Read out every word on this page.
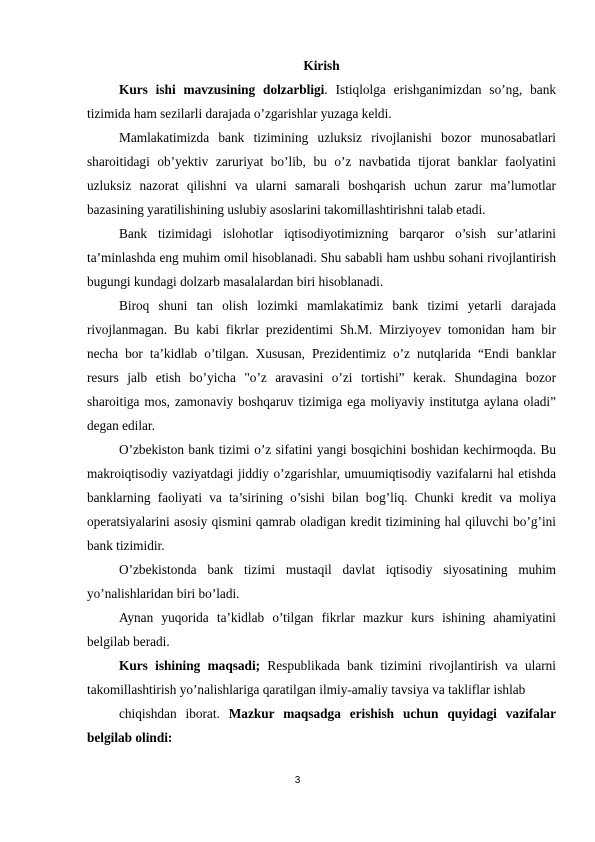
Kirish

Kurs ishi mavzusining dolzarbligi. Istiqlolga erishganimizdan so’ng, bank tizimida ham sezilarli darajada o’zgarishlar yuzaga keldi.

Mamlakatimizda bank tizimining uzluksiz rivojlanishi bozor munosabatlari sharoitidagi ob’yektiv zaruriyat bo’lib, bu o’z navbatida tijorat banklar faolyatini uzluksiz nazorat qilishni va ularni samarali boshqarish uchun zarur ma’lumotlar bazasining yaratilishining uslubiy asoslarini takomillashtirishni talab etadi.

Bank tizimidagi islohotlar iqtisodiyotimizning barqaror o’sish sur’atlarini ta’minlashda eng muhim omil hisoblanadi. Shu sababli ham ushbu sohani rivojlantirish bugungi kundagi dolzarb masalalardan biri hisoblanadi.

Biroq shuni tan olish lozimki mamlakatimiz bank tizimi yetarli darajada rivojlanmagan. Bu kabi fikrlar prezidentimi Sh.M. Mirziyoyev tomonidan ham bir necha bor ta’kidlab o’tilgan. Xususan, Prezidentimiz o’z nutqlarida “Endi banklar resurs jalb etish bo’yicha "o’z aravasini o’zi tortishi” kerak. Shundagina bozor sharoitiga mos, zamonaviy boshqaruv tizimiga ega moliyaviy institutga aylana oladi” degan edilar.

O’zbekiston bank tizimi o’z sifatini yangi bosqichini boshidan kechirmoqda. Bu makroiqtisodiy vaziyatdagi jiddiy o’zgarishlar, umuumiqtisodiy vazifalarni hal etishda banklarning faoliyati va ta’sirining o’sishi bilan bog’liq. Chunki kredit va moliya operatsiyalarini asosiy qismini qamrab oladigan kredit tizimining hal qiluvchi bo’g’ini bank tizimidir.

O’zbekistonda bank tizimi mustaqil davlat iqtisodiy siyosatining muhim yo’nalishlaridan biri bo’ladi.

Aynan yuqorida ta’kidlab o’tilgan fikrlar mazkur kurs ishining ahamiyatini belgilab beradi.

Kurs ishining maqsadi; Respublikada bank tizimini rivojlantirish va ularni takomillashtirish yo’nalishlariga qaratilgan ilmiy-amaliy tavsiya va takliflar ishlab

chiqishdan iborat. Mazkur maqsadga erishish uchun quyidagi vazifalar belgilab olindi:

3
